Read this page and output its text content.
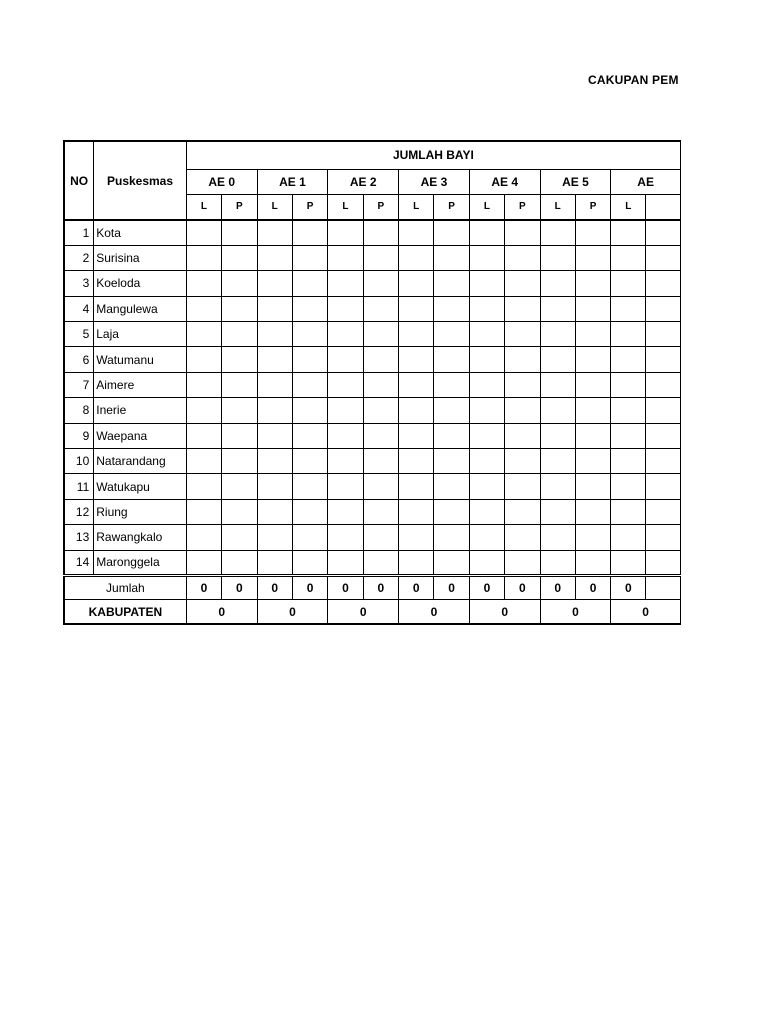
CAKUPAN PEM
NO	Puskesmas	JUMLAH BAYI													
		AE 0		AE 1		AE 2		AE 3		AE 4		AE 5		AE	
		L	P	L	P	L	P	L	P	L	P	L	P	L	
1	Kota														
2	Surisina														
3	Koeloda														
4	Mangulewa														
5	Laja														
6	Watumanu														
7	Aimere														
8	Inerie														
9	Waepana														
10	Natarandang														
11	Watukapu														
12	Riung														
13	Rawangkalo														
14	Maronggela														
Jumlah		0	0	0	0	0	0	0	0	0	0	0	0	0	
KABUPATEN		0		0		0		0		0		0		0	
